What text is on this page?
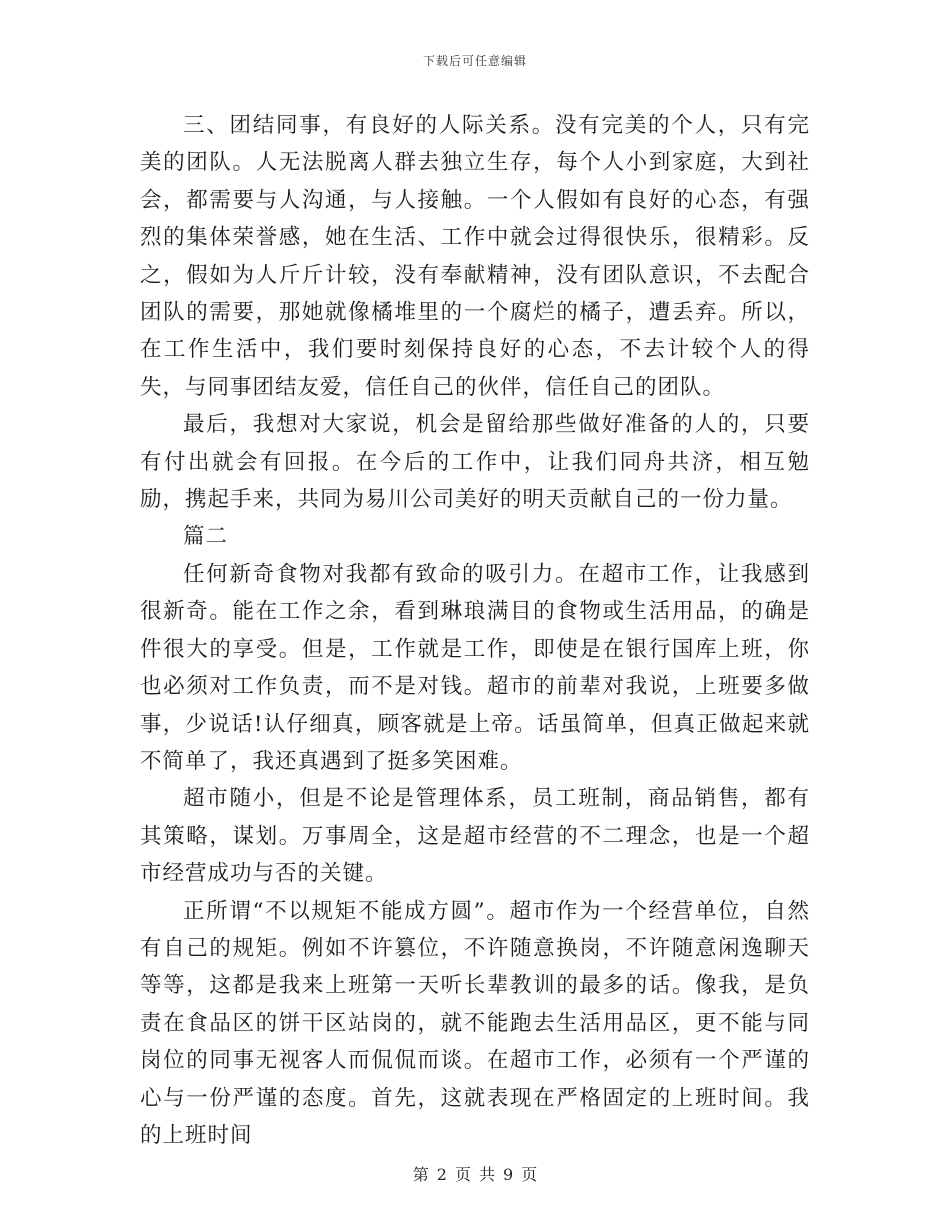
下载后可任意编辑

三、团结同事，有良好的人际关系。没有完美的个人，只有完美的团队。人无法脱离人群去独立生存，每个人小到家庭，大到社会，都需要与人沟通，与人接触。一个人假如有良好的心态，有强烈的集体荣誉感，她在生活、工作中就会过得很快乐，很精彩。反之，假如为人斤斤计较，没有奉献精神，没有团队意识，不去配合团队的需要，那她就像橘堆里的一个腐烂的橘子，遭丢弃。所以，在工作生活中，我们要时刻保持良好的心态，不去计较个人的得失，与同事团结友爱，信任自己的伙伴，信任自己的团队。

最后，我想对大家说，机会是留给那些做好准备的人的，只要有付出就会有回报。在今后的工作中，让我们同舟共济，相互勉励，携起手来，共同为易川公司美好的明天贡献自己的一份力量。

篇二

任何新奇食物对我都有致命的吸引力。在超市工作，让我感到很新奇。能在工作之余，看到琳琅满目的食物或生活用品，的确是件很大的享受。但是，工作就是工作，即使是在银行国库上班，你也必须对工作负责，而不是对钱。超市的前辈对我说，上班要多做事，少说话!认仔细真，顾客就是上帝。话虽简单，但真正做起来就不简单了，我还真遇到了挺多笑困难。

超市随小，但是不论是管理体系，员工班制，商品销售，都有其策略，谋划。万事周全，这是超市经营的不二理念，也是一个超市经营成功与否的关键。

正所谓“不以规矩不能成方圆”。超市作为一个经营单位，自然有自己的规矩。例如不许篡位，不许随意换岗，不许随意闲逸聊天等等，这都是我来上班第一天听长辈教训的最多的话。像我，是负责在食品区的饼干区站岗的，就不能跑去生活用品区，更不能与同岗位的同事无视客人而侃侃而谈。在超市工作，必须有一个严谨的心与一份严谨的态度。首先，这就表现在严格固定的上班时间。我的上班时间

第 2 页 共 9 页
